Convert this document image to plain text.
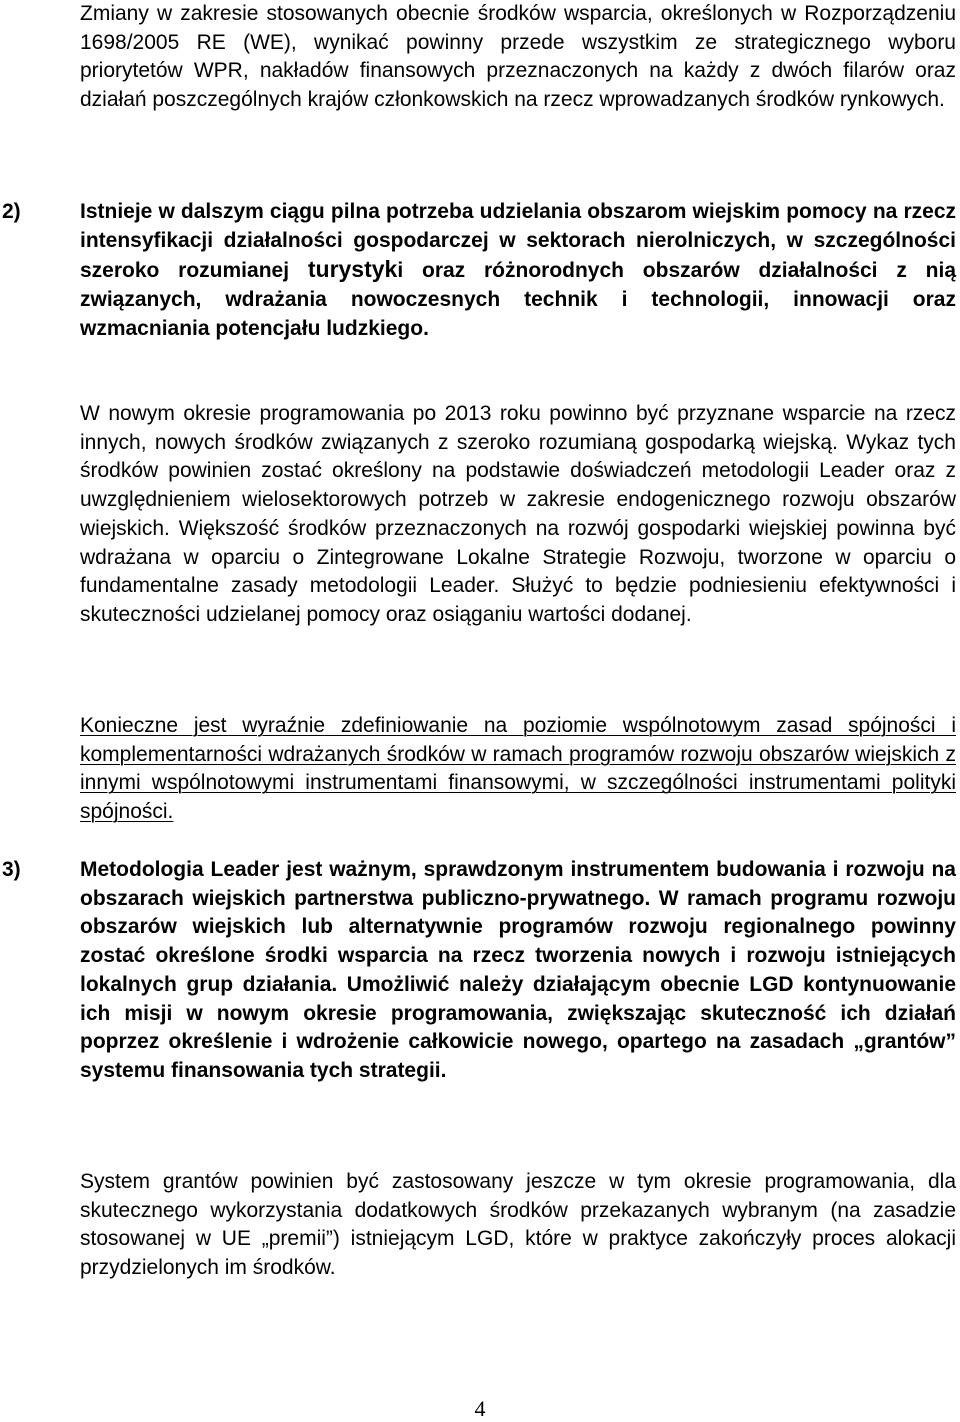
Zmiany w zakresie stosowanych obecnie środków wsparcia, określonych w Rozporządzeniu 1698/2005 RE (WE), wynikać powinny przede wszystkim ze strategicznego wyboru priorytetów WPR, nakładów finansowych przeznaczonych na każdy z dwóch filarów oraz działań poszczególnych krajów członkowskich na rzecz wprowadzanych środków rynkowych.

2)	Istnieje w dalszym ciągu pilna potrzeba udzielania obszarom wiejskim pomocy na rzecz intensyfikacji działalności gospodarczej w sektorach nierolniczych, w szczególności szeroko rozumianej turystyki oraz różnorodnych obszarów działalności z nią związanych, wdrażania nowoczesnych technik i technologii, innowacji oraz wzmacniania potencjału ludzkiego.

W nowym okresie programowania po 2013 roku powinno być przyznane wsparcie na rzecz innych, nowych środków związanych z szeroko rozumianą gospodarką wiejską. Wykaz tych środków powinien zostać określony na podstawie doświadczeń metodologii Leader oraz z uwzględnieniem wielosektorowych potrzeb w zakresie endogenicznego rozwoju obszarów wiejskich. Większość środków przeznaczonych na rozwój gospodarki wiejskiej powinna być wdrażana w oparciu o Zintegrowane Lokalne Strategie Rozwoju, tworzone w oparciu o fundamentalne zasady metodologii Leader. Służyć to będzie podniesieniu efektywności i skuteczności udzielanej pomocy oraz osiąganiu wartości dodanej.

Konieczne jest wyraźnie zdefiniowanie na poziomie wspólnotowym zasad spójności i komplementarności wdrażanych środków w ramach programów rozwoju obszarów wiejskich z innymi wspólnotowymi instrumentami finansowymi, w szczególności instrumentami polityki spójności.

3)	Metodologia Leader jest ważnym, sprawdzonym instrumentem budowania i rozwoju na obszarach wiejskich partnerstwa publiczno-prywatnego. W ramach programu rozwoju obszarów wiejskich lub alternatywnie programów rozwoju regionalnego powinny zostać określone środki wsparcia na rzecz tworzenia nowych i rozwoju istniejących lokalnych grup działania. Umożliwić należy działającym obecnie LGD kontynuowanie ich misji w nowym okresie programowania, zwiększając skuteczność ich działań poprzez określenie i wdrożenie całkowicie nowego, opartego na zasadach „grantów” systemu finansowania tych strategii.

System grantów powinien być zastosowany jeszcze w tym okresie programowania, dla skutecznego wykorzystania dodatkowych środków przekazanych wybranym (na zasadzie stosowanej w UE „premii”) istniejącym LGD, które w praktyce zakończyły proces alokacji przydzielonych im środków.

4
